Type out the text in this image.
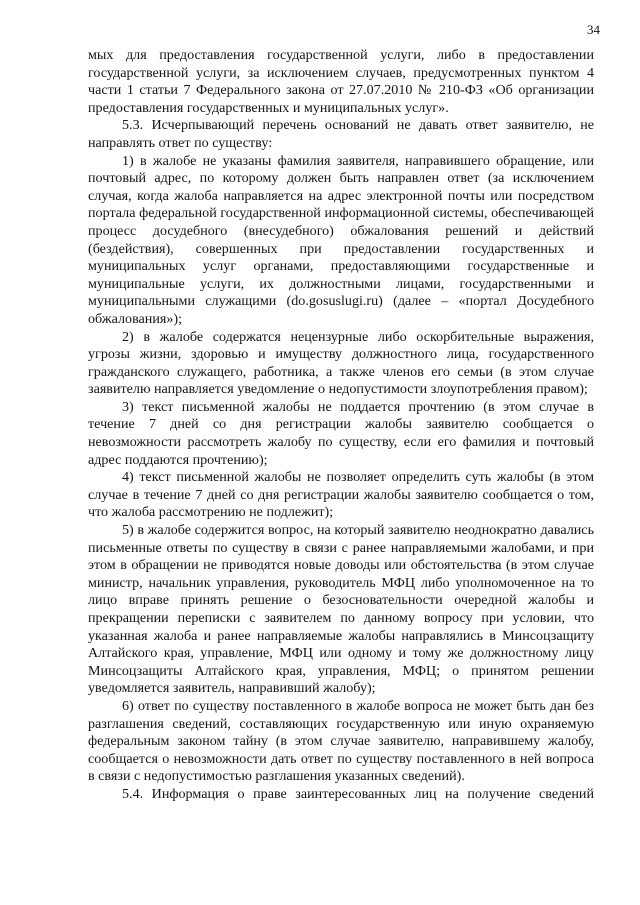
34

мых для предоставления государственной услуги, либо в предоставлении государственной услуги, за исключением случаев, предусмотренных пунктом 4 части 1 статьи 7 Федерального закона от 27.07.2010 № 210-ФЗ «Об организации предоставления государственных и муниципальных услуг».

5.3. Исчерпывающий перечень оснований не давать ответ заявителю, не направлять ответ по существу:

1) в жалобе не указаны фамилия заявителя, направившего обращение, или почтовый адрес, по которому должен быть направлен ответ (за исключением случая, когда жалоба направляется на адрес электронной почты или посредством портала федеральной государственной информационной системы, обеспечивающей процесс досудебного (внесудебного) обжалования решений и действий (бездействия), совершенных при предоставлении государственных и муниципальных услуг органами, предоставляющими государственные и муниципальные услуги, их должностными лицами, государственными и муниципальными служащими (do.gosuslugi.ru) (далее – «портал Досудебного обжалования»);

2) в жалобе содержатся нецензурные либо оскорбительные выражения, угрозы жизни, здоровью и имуществу должностного лица, государственного гражданского служащего, работника, а также членов его семьи (в этом случае заявителю направляется уведомление о недопустимости злоупотребления правом);

3) текст письменной жалобы не поддается прочтению (в этом случае в течение 7 дней со дня регистрации жалобы заявителю сообщается о невозможности рассмотреть жалобу по существу, если его фамилия и почтовый адрес поддаются прочтению);

4) текст письменной жалобы не позволяет определить суть жалобы (в этом случае в течение 7 дней со дня регистрации жалобы заявителю сообщается о том, что жалоба рассмотрению не подлежит);

5) в жалобе содержится вопрос, на который заявителю неоднократно давались письменные ответы по существу в связи с ранее направляемыми жалобами, и при этом в обращении не приводятся новые доводы или обстоятельства (в этом случае министр, начальник управления, руководитель МФЦ либо уполномоченное на то лицо вправе принять решение о безосновательности очередной жалобы и прекращении переписки с заявителем по данному вопросу при условии, что указанная жалоба и ранее направляемые жалобы направлялись в Минсоцзащиту Алтайского края, управление, МФЦ или одному и тому же должностному лицу Минсоцзащиты Алтайского края, управления, МФЦ; о принятом решении уведомляется заявитель, направивший жалобу);

6) ответ по существу поставленного в жалобе вопроса не может быть дан без разглашения сведений, составляющих государственную или иную охраняемую федеральным законом тайну (в этом случае заявителю, направившему жалобу, сообщается о невозможности дать ответ по существу поставленного в ней вопроса в связи с недопустимостью разглашения указанных сведений).

5.4. Информация о праве заинтересованных лиц на получение сведений
